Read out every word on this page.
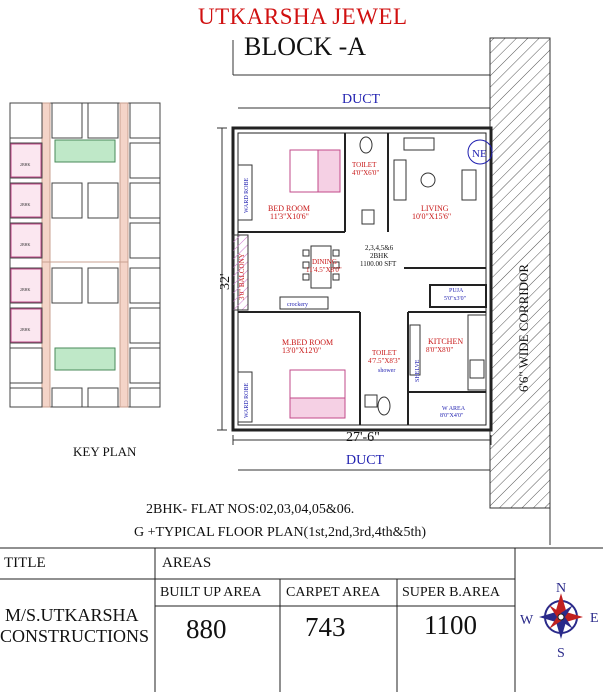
UTKARSHA JEWEL
BLOCK -A
DUCT
DUCT
27'-6"
32'	6'6" WIDE CORRIDOR
NE
BED ROOM
11'3"X10'6"
TOILET
4'0"X6'0"
LIVING
10'0"X15'6"
DINING
11'4.5"X8'0"
2,3,4,5&6
2BHK
1100.00 SFT
3'0" BALCONY
crockery
PUJA
5'0"x3'0"
M.BED ROOM
13'0"X12'0"	TOILET
4'7.5"X8'3"
shower	SHELVE
KITCHEN
8'0"X8'0"
W AREA
8'0"X4'0"
WARD ROBE
WARD ROBE
2BHK
2BHK
2BHK
2BHK
2BHK
N
S
E
W
KEY PLAN
2BHK- FLAT NOS:02,03,04,05&06.
G +TYPICAL FLOOR PLAN(1st,2nd,3rd,4th&5th)
TITLE	AREAS
M/S.UTKARSHA
CONSTRUCTIONS
BUILT UP AREA CARPET AREA SUPER B.AREA
880	743	1100
